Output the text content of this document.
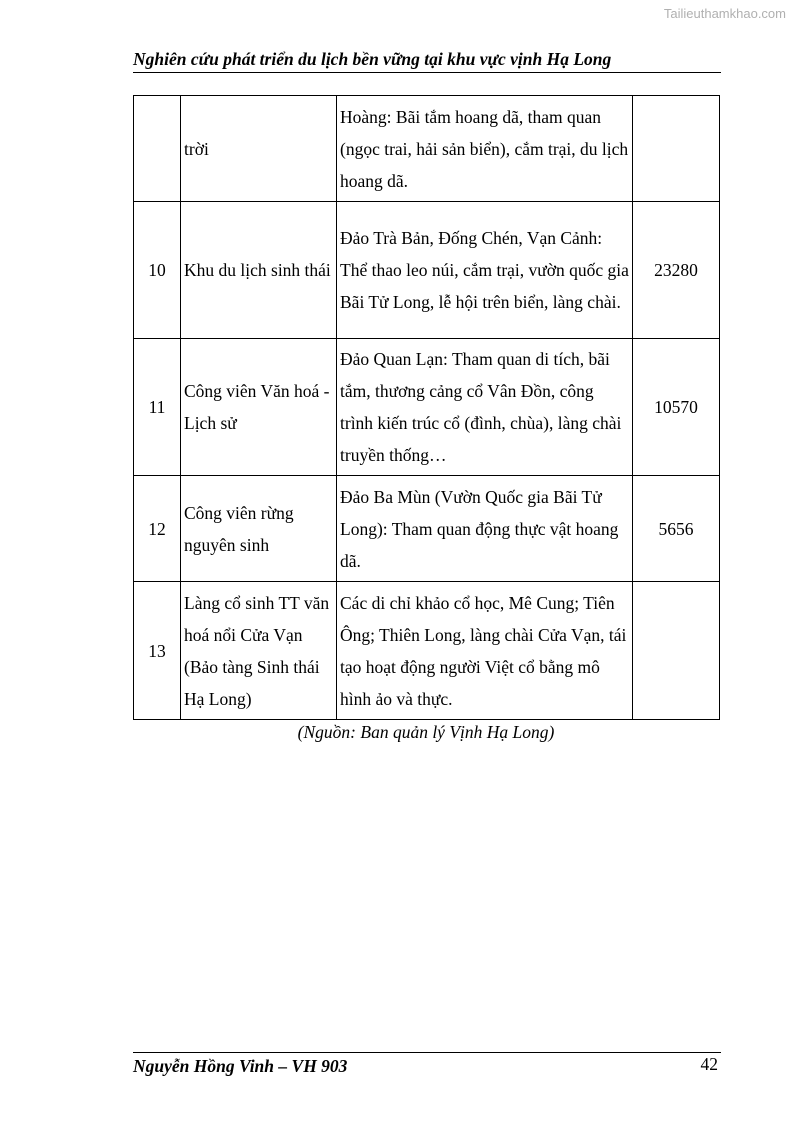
Tailieuthamkhao.com
Nghiên cứu phát triển du lịch bền vững tại khu vực vịnh Hạ Long
	trời	Hoàng: Bãi tắm hoang dã, tham quan (ngọc trai, hải sản biển), cắm trại, du lịch hoang dã.	
10	Khu du lịch sinh thái	Đảo Trà Bản, Đống Chén, Vạn Cảnh: Thể thao leo núi, cắm trại, vườn quốc gia Bãi Tử Long, lễ hội trên biển, làng chài.	23280
11	Công viên Văn hoá - Lịch sử	Đảo Quan Lạn: Tham quan di tích, bãi tắm, thương cảng cổ Vân Đồn, công trình kiến trúc cổ (đình, chùa), làng chài truyền thống…	10570
12	Công viên rừng nguyên sinh	Đảo Ba Mùn (Vườn Quốc gia Bãi Tử Long): Tham quan động thực vật hoang dã.	5656
13	Làng cổ sinh TT văn hoá nổi Cửa Vạn (Bảo tàng Sinh thái Hạ Long)	Các di chỉ khảo cổ học, Mê Cung; Tiên Ông; Thiên Long, làng chài Cửa Vạn, tái tạo hoạt động người Việt cổ bằng mô hình ảo và thực.	
(Nguồn: Ban quản lý Vịnh Hạ Long)
Nguyễn Hồng Vinh – VH 903	42
